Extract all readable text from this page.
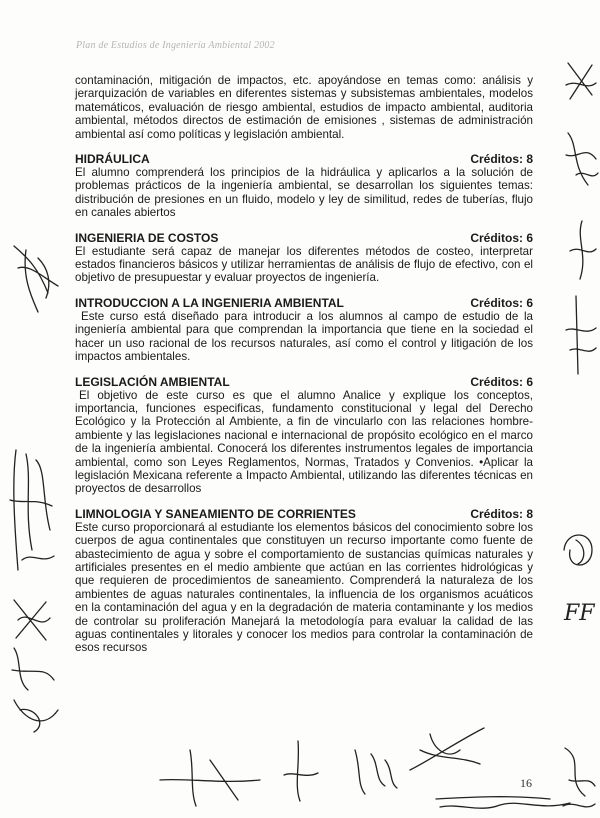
Plan de Estudios de Ingeniería Ambiental 2002

contaminación, mitigación de impactos, etc. apoyándose en temas como: análisis y jerarquización de variables en diferentes sistemas y subsistemas ambientales, modelos matemáticos, evaluación de riesgo ambiental, estudios de impacto ambiental, auditoria ambiental, métodos directos de estimación de emisiones , sistemas de administración ambiental así como políticas y legislación ambiental.

HIDRÁULICA	Créditos: 8

El alumno comprenderá los principios de la hidráulica y aplicarlos a la solución de problemas prácticos de la ingeniería ambiental, se desarrollan los siguientes temas: distribución de presiones en un fluido, modelo y ley de similitud, redes de tuberías, flujo en canales abiertos

INGENIERIA DE COSTOS	Créditos: 6

El estudiante será capaz de manejar los diferentes métodos de costeo, interpretar estados financieros básicos y utilizar herramientas de análisis de flujo de efectivo, con el objetivo de presupuestar y evaluar proyectos de ingeniería.

INTRODUCCION A LA INGENIERIA AMBIENTAL	Créditos: 6

Este curso está diseñado para introducir a los alumnos al campo de estudio de la ingeniería ambiental para que comprendan la importancia que tiene en la sociedad el hacer un uso racional de los recursos naturales, así como el control y litigación de los impactos ambientales.

LEGISLACIÓN AMBIENTAL	Créditos: 6

El objetivo de este curso es que el alumno Analice y explique los conceptos, importancia, funciones especificas, fundamento constitucional y legal del Derecho Ecológico y la Protección al Ambiente, a fin de vincularlo con las relaciones hombre-ambiente y las legislaciones nacional e internacional de propósito ecológico en el marco de la ingeniería ambiental. Conocerá los diferentes instrumentos legales de importancia ambiental, como son Leyes Reglamentos, Normas, Tratados y Convenios. •Aplicar la legislación Mexicana referente a Impacto Ambiental, utilizando las diferentes técnicas en proyectos de desarrollos

LIMNOLOGIA Y SANEAMIENTO DE CORRIENTES	Créditos: 8

Este curso proporcionará al estudiante los elementos básicos del conocimiento sobre los cuerpos de agua continentales que constituyen un recurso importante como fuente de abastecimiento de agua y sobre el comportamiento de sustancias químicas naturales y artificiales presentes en el medio ambiente que actúan en las corrientes hidrológicas y que requieren de procedimientos de saneamiento. Comprenderá la naturaleza de los ambientes de aguas naturales continentales, la influencia de los organismos acuáticos en la contaminación del agua y en la degradación de materia contaminante y los medios de controlar su proliferación Manejará la metodología para evaluar la calidad de las aguas continentales y litorales y conocer los medios para controlar la contaminación de esos recursos

16
FF
